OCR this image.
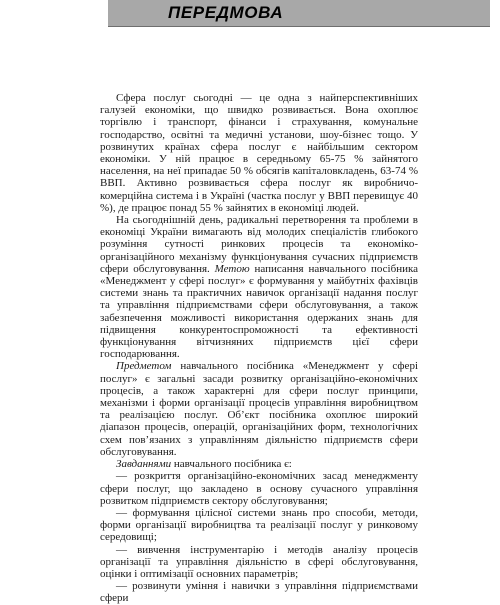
ПЕРЕДМОВА

Сфера послуг сьогодні — це одна з найперспективніших галузей економіки, що швидко розвивається. Вона охоплює торгівлю і транспорт, фінанси і страхування, комунальне господарство, освітні та медичні установи, шоу-бізнес тощо. У розвинутих країнах сфера послуг є найбільшим сектором економіки. У ній працює в середньому 65-75 % зайнятого населення, на неї припадає 50 % обсягів капіталовкладень, 63-74 % ВВП. Активно розвивається сфера послуг як виробничо-комерційна система і в Україні (частка послуг у ВВП перевищує 40 %), де працює понад 55 % зайнятих в економіці людей.

На сьогоднішній день, радикальні перетворення та проблеми в економіці України вимагають від молодих спеціалістів глибокого розуміння сутності ринкових процесів та економіко-організаційного механізму функціонування сучасних підприємств сфери обслуговування. Метою написання навчального посібника «Менеджмент у сфері послуг» є формування у майбутніх фахівців системи знань та практичних навичок організації надання послуг та управління підприємствами сфери обслуговування, а також забезпечення можливості використання одержаних знань для підвищення конкурентоспроможності та ефективності функціонування вітчизняних підприємств цієї сфери господарювання.

Предметом навчального посібника «Менеджмент у сфері послуг» є загальні засади розвитку організаційно-економічних процесів, а також характерні для сфери послуг принципи, механізми і форми організації процесів управління виробництвом та реалізацією послуг. Об’єкт посібника охоплює широкий діапазон процесів, операцій, організаційних форм, технологічних схем пов’язаних з управлінням діяльністю підприємств сфери обслуговування.

Завданнями навчального посібника є:

— розкриття організаційно-економічних засад менеджменту сфери послуг, що закладено в основу сучасного управління розвитком підприємств сектору обслуговування;

— формування цілісної системи знань про способи, методи, форми організації виробництва та реалізації послуг у ринковому середовищі;

— вивчення інструментарію і методів аналізу процесів організації та управління діяльністю в сфері обслуговування, оцінки і оптимізації основних параметрів;

— розвинути уміння і навички з управління підприємствами сфери
